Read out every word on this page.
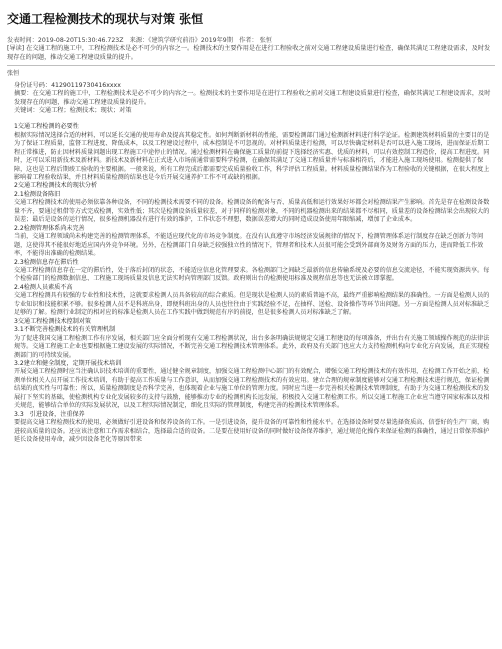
交通工程检测技术的现状与对策 张恒
发表时间：2019-08-20T15:30:46.723Z　来源：《建筑学研究前沿》2019年9期　作者： 张恒
[导读] 在交通工程的施工中，工程检测技术是必不可少的内容之一。检测技术的主要作用是在进行工程验收之前对交通工程建设质量进行检查，确保其满足工程建设需求，及时发现存在的问题，推动交通工程建设质量的提升。
张恒
身份证号码：41290119730416xxxx
摘要：在交通工程的施工中，工程检测技术是必不可少的内容之一。检测技术的主要作用是在进行工程验收之前对交通工程建设质量进行检查，确保其满足工程建设需求，及时发现存在的问题，推动交通工程建设质量的提升。
关键词：交通工程；检测技术；现状；对策

1交通工程检测的必要性

根据实际情况选择合适的材料，可以延长交通的使用寿命及提高其稳定性。如何判断新材料的性能，需要检测部门通过检测新材料进行科学论证。检测建筑材料质量的主要目的是为了保证工程质量，监督工程进度、降低成本，以及工程建设过程中，成本控制是不可忽视的。对材料质量进行检测，可以尽快确定材料是否可以进入施工现场，进而保证后期工程正常推进，防止因材料质量问题出现工程施工中途停止的情况。通过检测材料在确保施工质量的前提下选择经济实惠、优质的材料，可以有效控制工程造价，提高工程进度。同时，还可以采用新技术及新材料。新技术及新材料在正式进入市场前通常需要科学检测，在确保其满足了交通工程质量并与标准相符后，才能进入施工现场使用。检测提供了保障，这也是工程后期竣工验收的主要根据。一般来说，所有工程完成后都需要完成质量验收工作，科学评估工程质量。材料质量检测结果作为工程验收的关键根据，在很大程度上影响着工程验收结果，并且材料质量检测的结果也是今后开展交通养护工作不可或缺的根据。

2交通工程检测技术的现状分析

2.1检测设备陈旧

交通工程检测技术的使用必须依靠各种设备，不同的检测技术需要不同的设备。检测设备的配备与否、质量高低和运行效果好坏都会对检测结果产生影响。首先是存在检测设备数量不齐，要通过租借等方式完成检测，实效性低；其次是检测设备质量较差，对于同样的检测对象，不同的机器检测出来的结果都不尽相同，质量差的设备检测结果会出现较大的误差；最后是设备的运行情况，很多检测机器没有进行有效的维护，工作状态不理想，数据误差增大的同时造成设备使用年限缩减，增加了企业成本。

2.2检测管理体系尚未完善

当前，交通工程领域尚未构建完善的检测管理体系，不能适应现代化的市场竞争制度。在没有认真遵守市场经济发展规律的情况下，检测管理体系运行制度存在缺乏创新力等问题，这使得其不能很好地适应国内外竞争环境。另外，在检测部门自身缺乏较强独立性的情况下，管理者和技术人员很可能会受到外部商务及财务方面的压力，进而降低工作效率，不能得出准确的检测结果。

2.3检测信息存在滞后性

交通工程检测信息存在一定的滞后性，处于落后封闭的状态，不能适应信息化管理要求。各检测部门之间缺乏最新的信息传输系统及必要的信息交流途径，不能实现资源共享。每个检验部门的检测数据信息、工程施工现场质量及信息无法实时向管理部门反馈。政府则出台的检测使用标准及规程信息等也无法被立即掌握。

2.4检测人员素质不高

交通工程检测具有较强的专业性和技术性，这就要求检测人员具备较高的综合素质。但是现状是检测人员的素质普遍不高，最终严重影响检测结果的准确性。一方面是检测人员的专业知识和技能积累不够。很多检测人员不是科班出身，即便科班出身的人员也往往由于实践经验不足，在抽样、送检、设备操作等环节出问题。另一方面是检测人员对标准缺乏足够的了解。检测行业制定的相对应的标准是检测人员在工作实践中做到规范有序的前提，但是很多检测人员对标准缺乏了解。

3交通工程检测技术控制对策

3.1不断完善检测技术的有关管理机制

为了促进我国交通工程检测工作有序发展，相关部门应全面分析现有交通工程检测状况，出台多条明确法规规定交通工程建设的每项准备，并出台有关施工领域操作规范的法律法规等。交通工程施工企业也要根据施工建设发展的实际情况，不断完善交通工程检测技术管理体系。此外，政府及有关部门也应大力支持检测机构向专业化方向发展，真正实现检测部门的可持续发展。

3.2建立和健全制度，定期开展技术培训

开展交通工程检测时应当注确认识技术培训的重要性，通过健全规章制度，加强交通工程检测中心部门的有效配合，增强交通工程检测技术的有效作用，在检测工作开始之前，检测单位相关人员开展工作技术培训，有助于提高工作质量与工作意识，从而加强交通工程检测技术的有效应用。建立合理的规章制度能够对交通工程检测技术进行规范，保证检测结果的真实性与可靠性；所以，质量检测制度是否科学完善，也体现着企业与施工单位的管理力度。同时应当进一步完善相关检测技术管理制度，有助于为交通工程检测技术的发展打下坚实的基础，使检测机构专业化发展较多的支持与鼓励，能够推动专业的检测机构长远发展，积极投入交通工程检测工作。所以交通工程施工企业应当遵守国家标准以及相关规范，能够结合单位的实际发展状况，以及工程实际情况制定，细化且实际的管理制度，构建完善的检测技术管理体系。

3.3　引进设备，注重保养

要提高交通工程检测技术的使用，必须做好引进设备和保养设备的工作。一是引进设备，提升设备的可靠性和性能水平。在选择设备时要尽量选择资质高、信誉好的生产厂商，购进较高质量的设备。还应该注意和工作需求相结合，选择最合适的设备。二是要在使用好设备的同时做好设备保养维护，通过规范化操作来保证检测的准确性，通过日常保养维护延长设备使用寿命，减少因设备老化等原因带来
